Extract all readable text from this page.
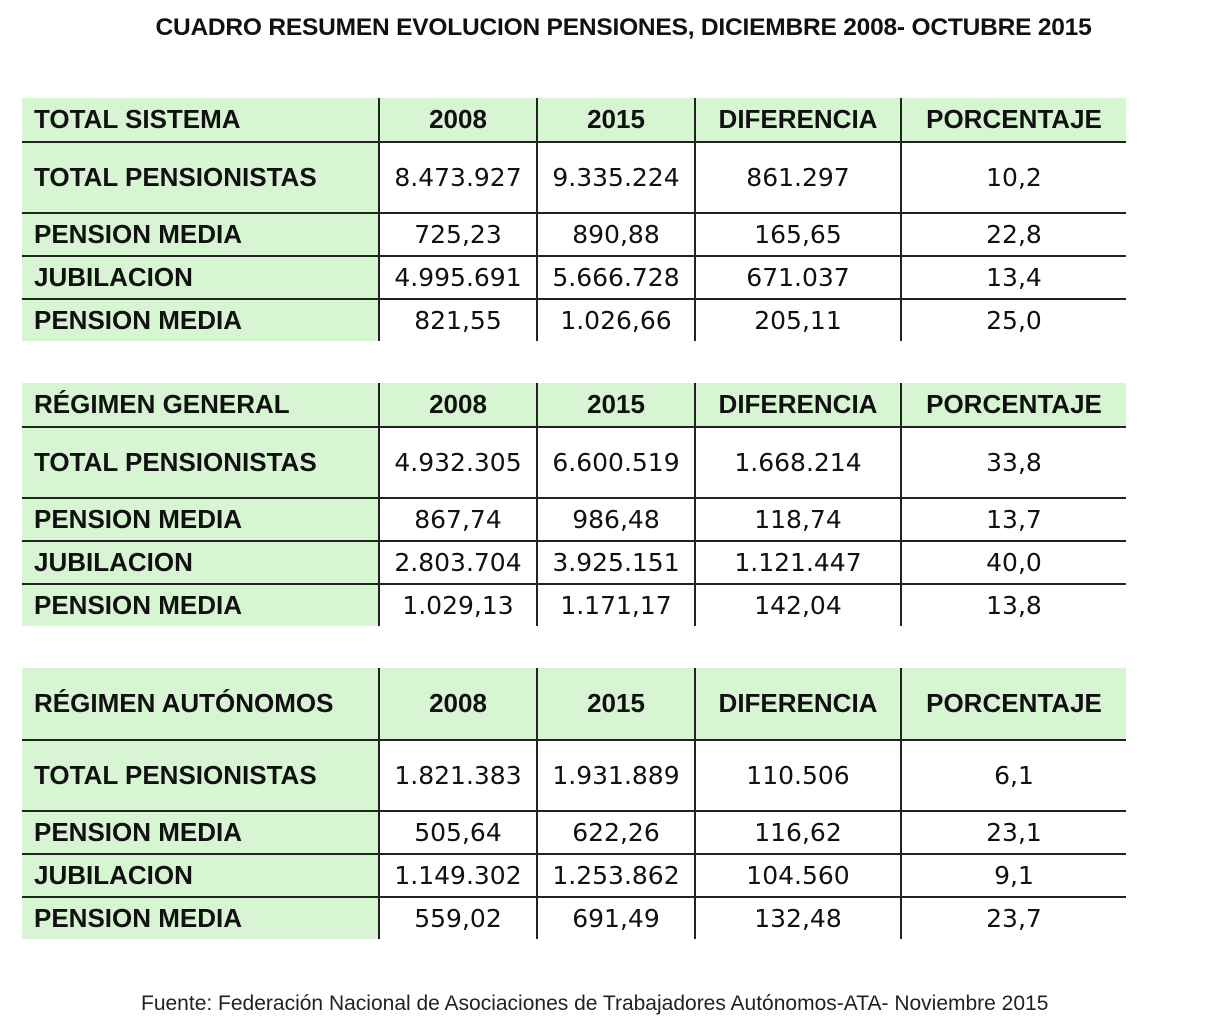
CUADRO RESUMEN EVOLUCION PENSIONES, DICIEMBRE 2008- OCTUBRE 2015
TOTAL SISTEMA	2008	2015	DIFERENCIA	PORCENTAJE
TOTAL PENSIONISTAS	8.473.927	9.335.224	861.297	10,2
PENSION MEDIA	725,23	890,88	165,65	22,8
JUBILACION	4.995.691	5.666.728	671.037	13,4
PENSION MEDIA	821,55	1.026,66	205,11	25,0
RÉGIMEN GENERAL	2008	2015	DIFERENCIA	PORCENTAJE
TOTAL PENSIONISTAS	4.932.305	6.600.519	1.668.214	33,8
PENSION MEDIA	867,74	986,48	118,74	13,7
JUBILACION	2.803.704	3.925.151	1.121.447	40,0
PENSION MEDIA	1.029,13	1.171,17	142,04	13,8
RÉGIMEN AUTÓNOMOS	2008	2015	DIFERENCIA	PORCENTAJE
TOTAL PENSIONISTAS	1.821.383	1.931.889	110.506	6,1
PENSION MEDIA	505,64	622,26	116,62	23,1
JUBILACION	1.149.302	1.253.862	104.560	9,1
PENSION MEDIA	559,02	691,49	132,48	23,7
Fuente: Federación Nacional de Asociaciones de Trabajadores Autónomos-ATA- Noviembre 2015
